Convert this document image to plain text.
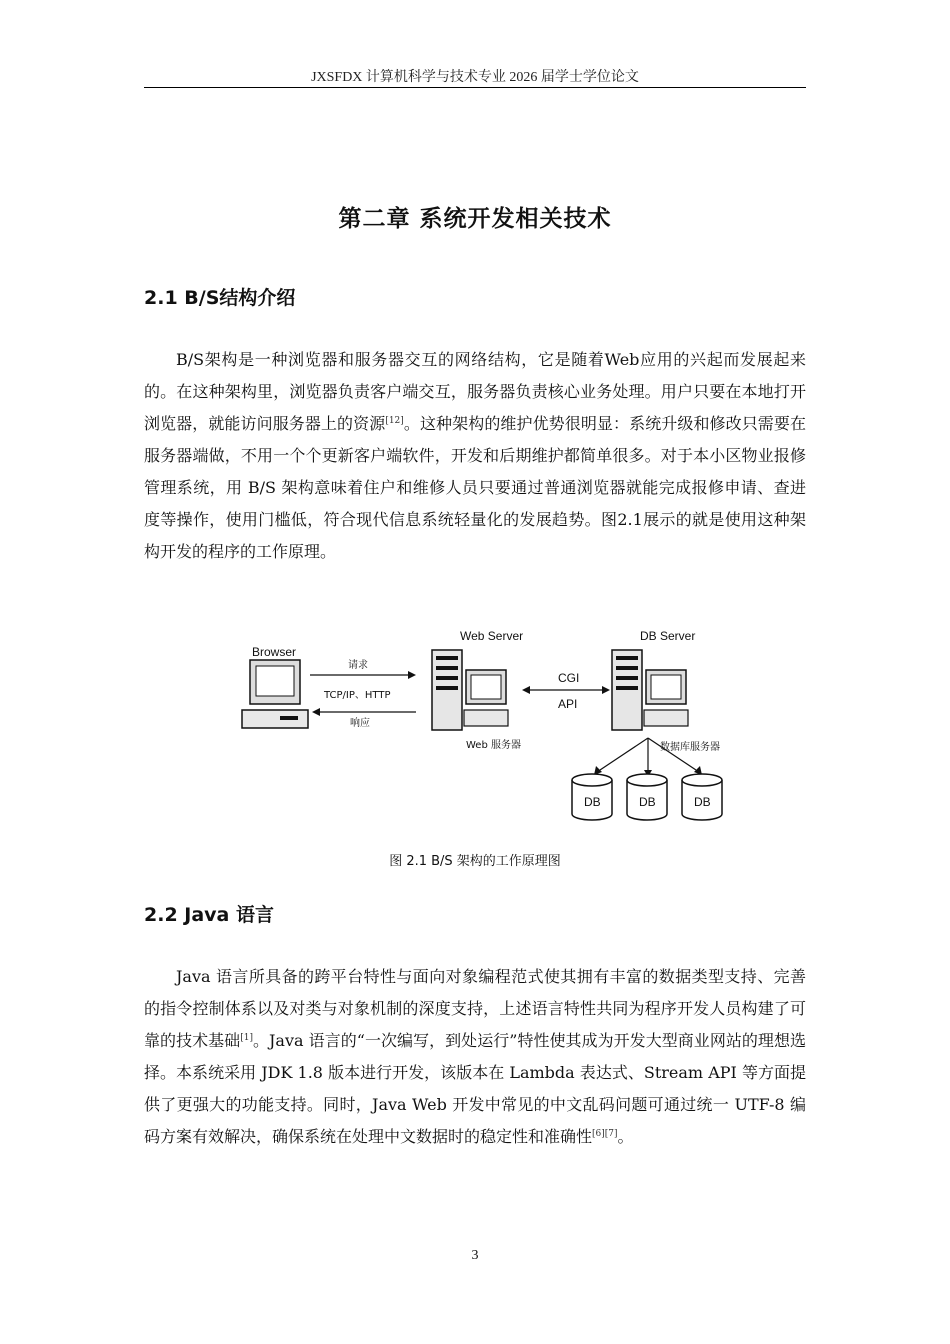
JXSFDX 计算机科学与技术专业 2026 届学士学位论文
第二章 系统开发相关技术
2.1 B/S结构介绍

B/S架构是一种浏览器和服务器交互的网络结构，它是随着Web应用的兴起而发展起来的。在这种架构里，浏览器负责客户端交互，服务器负责核心业务处理。用户只要在本地打开浏览器，就能访问服务器上的资源[12]。这种架构的维护优势很明显：系统升级和修改只需要在服务器端做，不用一个个更新客户端软件，开发和后期维护都简单很多。对于本小区物业报修管理系统，用 B/S 架构意味着住户和维修人员只要通过普通浏览器就能完成报修申请、查进度等操作，使用门槛低，符合现代信息系统轻量化的发展趋势。图2.1展示的就是使用这种架构开发的程序的工作原理。

Browser
请求
TCP/IP、HTTP
响应
Web Server
Web 服务器
CGI
API
DB Server
数据库服务器
DB	DB	DB
图 2.1 B/S 架构的工作原理图
2.2 Java 语言

Java 语言所具备的跨平台特性与面向对象编程范式使其拥有丰富的数据类型支持、完善的指令控制体系以及对类与对象机制的深度支持，上述语言特性共同为程序开发人员构建了可靠的技术基础[1]。Java 语言的“一次编写，到处运行”特性使其成为开发大型商业网站的理想选择。本系统采用 JDK 1.8 版本进行开发，该版本在 Lambda 表达式、Stream API 等方面提供了更强大的功能支持。同时，Java Web 开发中常见的中文乱码问题可通过统一 UTF-8 编码方案有效解决，确保系统在处理中文数据时的稳定性和准确性[6][7]。

3
